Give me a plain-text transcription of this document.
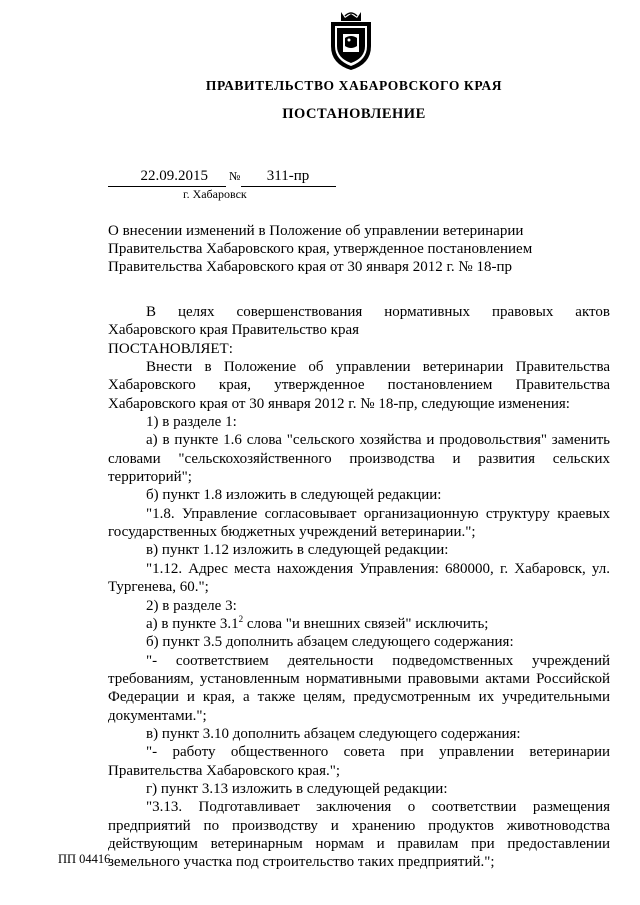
ПРАВИТЕЛЬСТВО ХАБАРОВСКОГО КРАЯ
ПОСТАНОВЛЕНИЕ
22.09.2015 №	311-пр
г. Хабаровск
О внесении изменений в Положение об управлении ветеринарии Правительства Хабаровского края, утвержденное постановлением Правительства Хабаровского края от 30 января 2012 г. № 18-пр

В целях совершенствования нормативных правовых актов Хабаровского края Правительство края

ПОСТАНОВЛЯЕТ:

Внести в Положение об управлении ветеринарии Правительства Хабаровского края, утвержденное постановлением Правительства Хабаровского края от 30 января 2012 г. № 18-пр, следующие изменения:

1) в разделе 1:

а) в пункте 1.6 слова "сельского хозяйства и продовольствия" заменить словами "сельскохозяйственного производства и развития сельских территорий";

б) пункт 1.8 изложить в следующей редакции:

"1.8. Управление согласовывает организационную структуру краевых государственных бюджетных учреждений ветеринарии.";

в) пункт 1.12 изложить в следующей редакции:

"1.12. Адрес места нахождения Управления: 680000, г. Хабаровск, ул. Тургенева, 60.";

2) в разделе 3:

а) в пункте $3.1^2$ слова "и внешних связей" исключить;

б) пункт 3.5 дополнить абзацем следующего содержания:

"- соответствием деятельности подведомственных учреждений требованиям, установленным нормативными правовыми актами Российской Федерации и края, а также целям, предусмотренным их учредительными документами.";

в) пункт 3.10 дополнить абзацем следующего содержания:

"- работу общественного совета при управлении ветеринарии Правительства Хабаровского края.";

г) пункт 3.13 изложить в следующей редакции:

"3.13. Подготавливает заключения о соответствии размещения предприятий по производству и хранению продуктов животноводства действующим ветеринарным нормам и правилам при предоставлении земельного участка под строительство таких предприятий.";

ПП 04416
